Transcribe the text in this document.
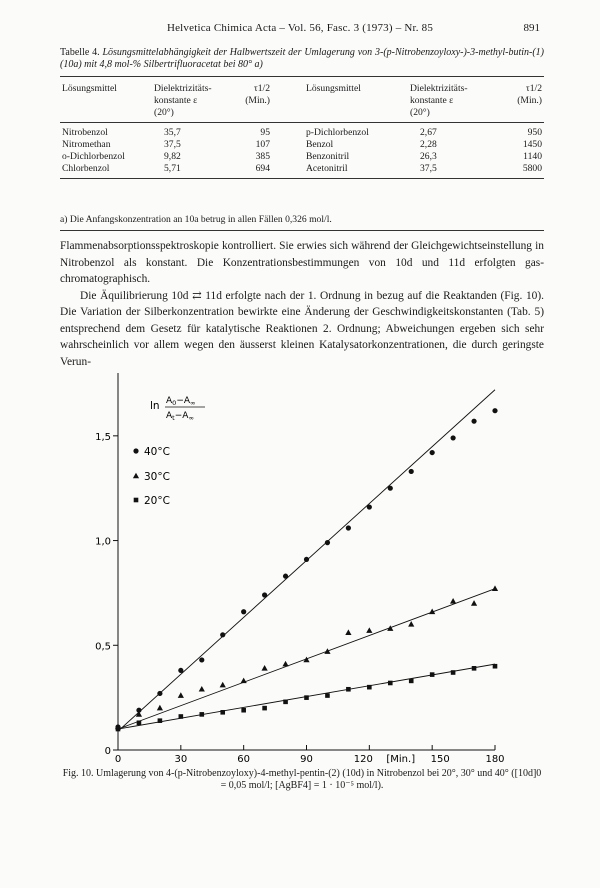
Helvetica Chimica Acta – Vol. 56, Fasc. 3 (1973) – Nr. 85	891
Tabelle 4. Lösungsmittelabhängigkeit der Halbwertszeit der Umlagerung von 3-(p-Nitrobenzoyloxy-)-3-methyl-butin-(1) (10a) mit 4,8 mol-% Silbertrifluoracetat bei 80° a)
Lösungsmittel	Dielektrizitäts-	τ1/2		Lösungsmittel	Dielektrizitäts-	τ1/2
	konstante ε	(Min.)			konstante ε	(Min.)
	(20°)				(20°)	
Nitrobenzol	35,7	95		p-Dichlorbenzol	2,67	950
Nitromethan	37,5	107		Benzol	2,28	1450
o-Dichlorbenzol	9,82	385		Benzonitril	26,3	1140
Chlorbenzol	5,71	694		Acetonitril	37,5	5800
a) Die Anfangskonzentration an 10a betrug in allen Fällen 0,326 mol/l.

Flammenabsorptionsspektroskopie kontrolliert. Sie erwies sich während der Gleichgewichtseinstellung in Nitrobenzol als konstant. Die Konzentrationsbestimmungen von 10d und 11d erfolgten gas-chromatographisch.

Die Äquilibrierung 10d ⇄ 11d erfolgte nach der 1. Ordnung in bezug auf die Reaktanden (Fig. 10). Die Variation der Silberkonzentration bewirkte eine Änderung der Geschwindigkeitskonstanten (Tab. 5) entsprechend dem Gesetz für katalytische Reaktionen 2. Ordnung; Abweichungen ergeben sich sehr wahrscheinlich vor allem wegen den äusserst kleinen Katalysatorkonzentrationen, die durch geringste Verun-

0	30	60	90	120	150	180
[Min.]
0
0,5
1,0
1,5
40°C
30°C
20°C
$\ln A_0-A_\infty$
$A_t-A_\infty$
Fig. 10. Umlagerung von 4-(p-Nitrobenzoyloxy)-4-methyl-pentin-(2) (10d) in Nitrobenzol bei 20°, 30° und 40° ([10d]0 = 0,05 mol/l; [AgBF4] = 1 · 10⁻⁵ mol/l).
